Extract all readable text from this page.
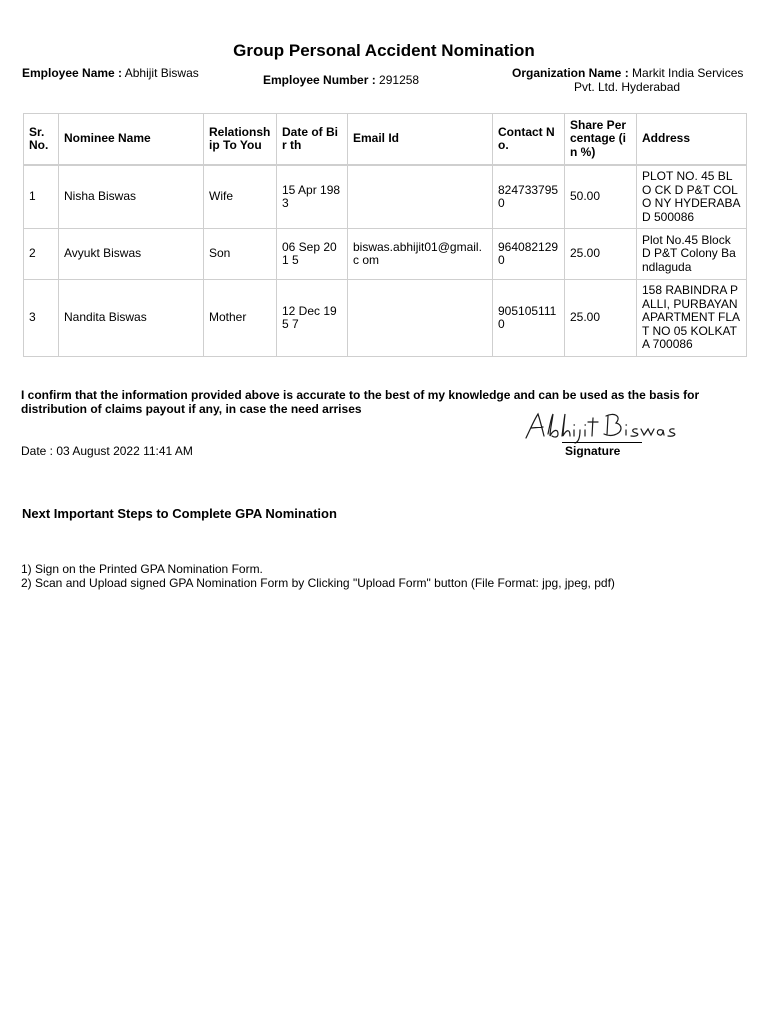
Group Personal Accident Nomination
Employee Name : Abhijit Biswas	Employee Number : 291258	Organization Name : Markit India Services
Pvt. Ltd. Hyderabad
Sr. No.	Nominee Name	Relationsh ip To You	Date of Bir th	Email Id	Contact N o.	Share Per centage (i n %)	Address
1	Nisha Biswas	Wife	15 Apr 198 3		824733795 0	50.00	PLOT NO. 45 BLO CK D P&T COLO NY HYDERABAD 500086
2	Avyukt Biswas	Son	06 Sep 201 5	biswas.abhijit01@gmail.c om	964082129 0	25.00	Plot No.45 Block D P&T Colony Ba ndlaguda
3	Nandita Biswas	Mother	12 Dec 195 7		905105111 0	25.00	158 RABINDRA P ALLI, PURBAYAN APARTMENT FLA T NO 05 KOLKAT A 700086
I confirm that the information provided above is accurate to the best of my knowledge and can be used as the basis for distribution of claims payout if any, in case the need arrises
Date : 03 August 2022 11:41 AM	Signature
Next Important Steps to Complete GPA Nomination
1) Sign on the Printed GPA Nomination Form.
2) Scan and Upload signed GPA Nomination Form by Clicking "Upload Form" button (File Format: jpg, jpeg, pdf)
